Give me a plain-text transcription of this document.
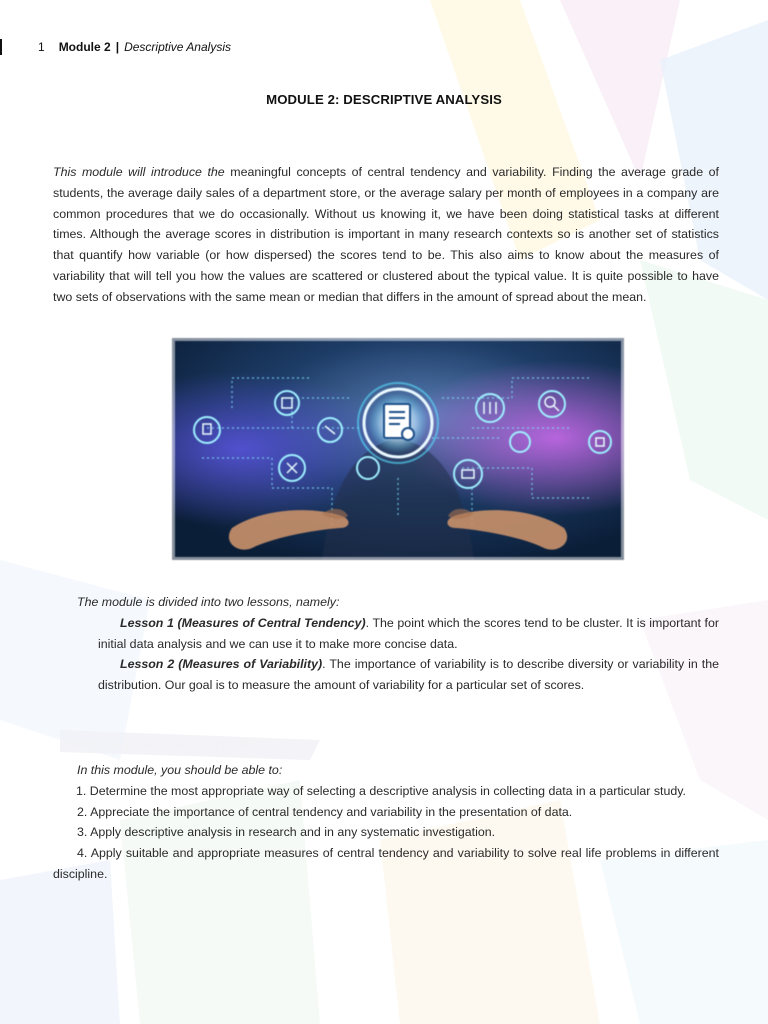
1 Module 2 | Descriptive Analysis
MODULE 2: DESCRIPTIVE ANALYSIS

This module will introduce the meaningful concepts of central tendency and variability. Finding the average grade of students, the average daily sales of a department store, or the average salary per month of employees in a company are common procedures that we do occasionally. Without us knowing it, we have been doing statistical tasks at different times. Although the average scores in distribution is important in many research contexts so is another set of statistics that quantify how variable (or how dispersed) the scores tend to be. This also aims to know about the measures of variability that will tell you how the values are scattered or clustered about the typical value. It is quite possible to have two sets of observations with the same mean or median that differs in the amount of spread about the mean.

The module is divided into two lessons, namely:

Lesson 1 (Measures of Central Tendency). The point which the scores tend to be cluster. It is important for initial data analysis and we can use it to make more concise data.

Lesson 2 (Measures of Variability). The importance of variability is to describe diversity or variability in the distribution. Our goal is to measure the amount of variability for a particular set of scores.

MODULE LEARNING OUTCOMES

In this module, you should be able to:

1. Determine the most appropriate way of selecting a descriptive analysis in collecting data in a particular study.

2. Appreciate the importance of central tendency and variability in the presentation of data.

3. Apply descriptive analysis in research and in any systematic investigation.

4. Apply suitable and appropriate measures of central tendency and variability to solve real life problems in different discipline.
